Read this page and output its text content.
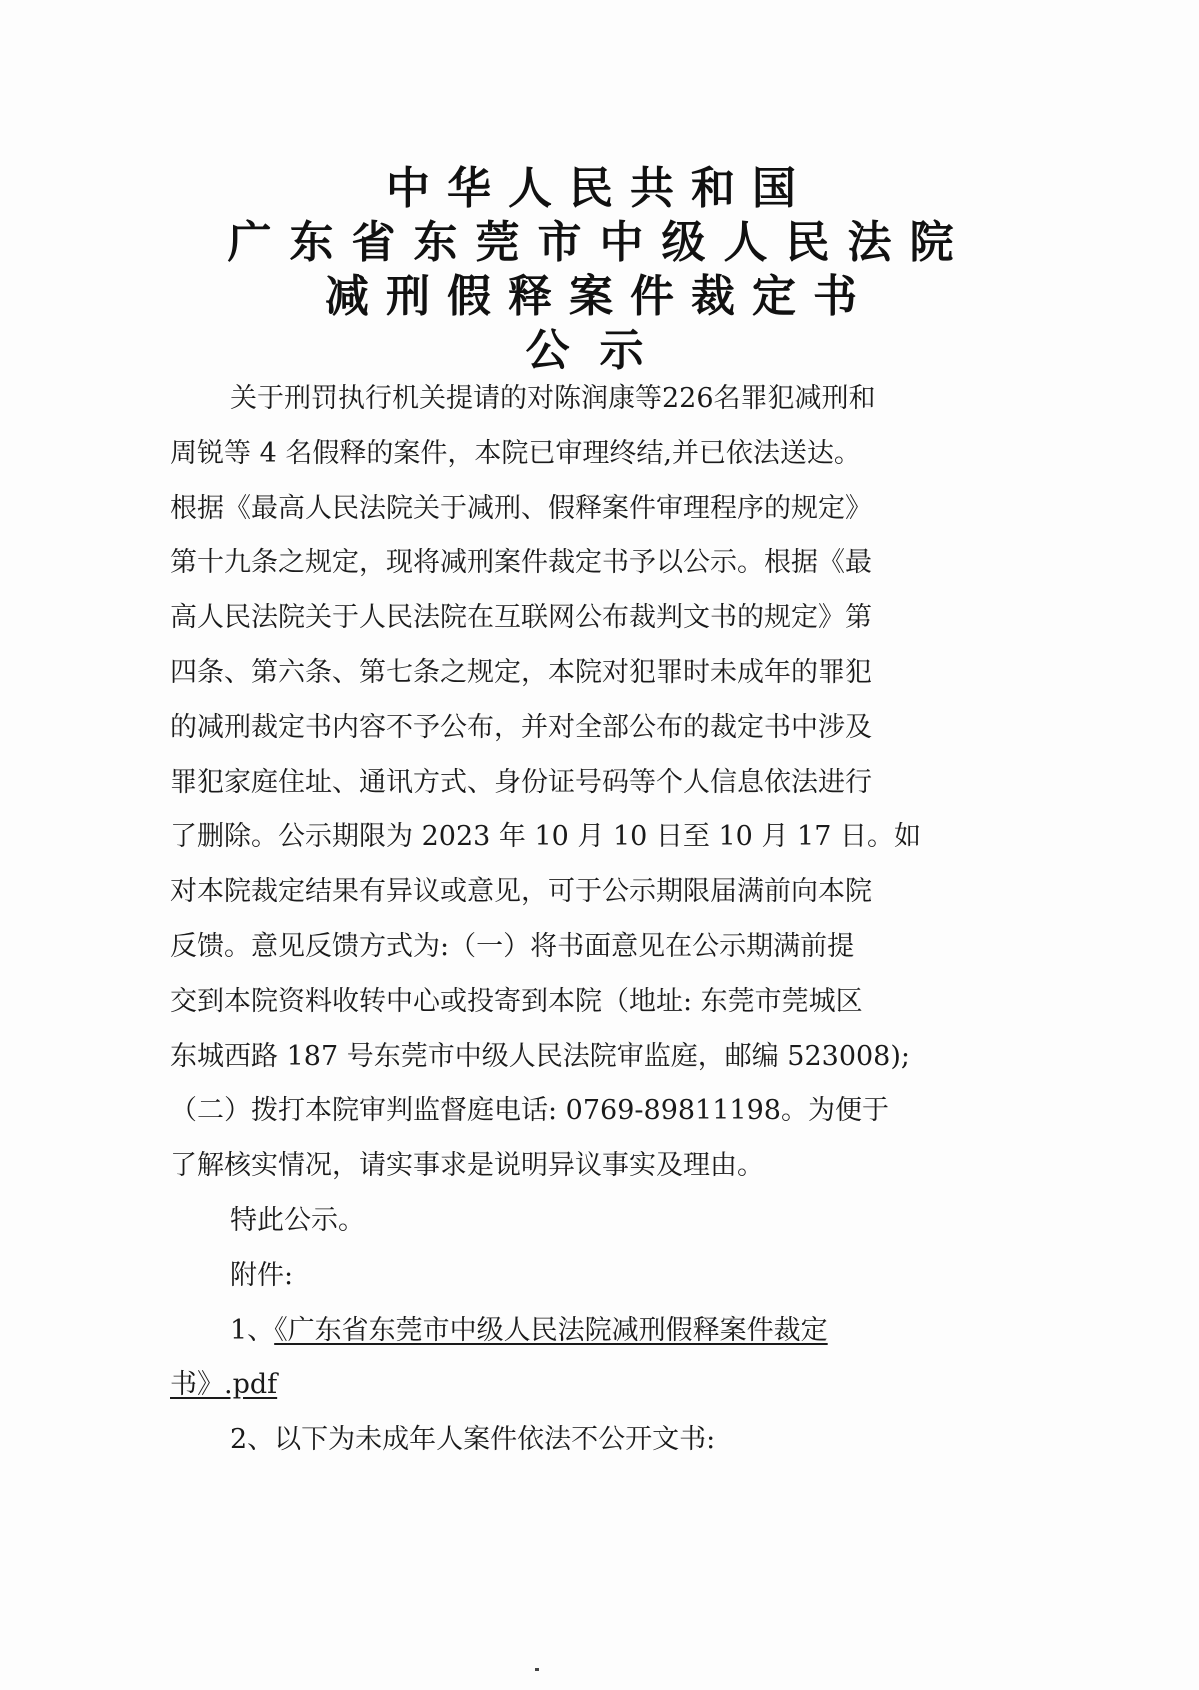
中华人民共和国
广东省东莞市中级人民法院
减刑假释案件裁定书
公示
关于刑罚执行机关提请的对陈润康等226名罪犯减刑和
周锐等 4 名假释的案件，本院已审理终结,并已依法送达。
根据《最高人民法院关于减刑、假释案件审理程序的规定》
第十九条之规定，现将减刑案件裁定书予以公示。根据《最
高人民法院关于人民法院在互联网公布裁判文书的规定》第
四条、第六条、第七条之规定，本院对犯罪时未成年的罪犯
的减刑裁定书内容不予公布，并对全部公布的裁定书中涉及
罪犯家庭住址、通讯方式、身份证号码等个人信息依法进行
了删除。公示期限为 2023 年 10 月 10 日至 10 月 17 日。如
对本院裁定结果有异议或意见，可于公示期限届满前向本院
反馈。意见反馈方式为:（一）将书面意见在公示期满前提
交到本院资料收转中心或投寄到本院（地址: 东莞市莞城区
东城西路 187 号东莞市中级人民法院审监庭，邮编 523008);
（二）拨打本院审判监督庭电话: 0769-89811198。为便于
了解核实情况，请实事求是说明异议事实及理由。
特此公示。
附件:
1、《广东省东莞市中级人民法院减刑假释案件裁定
书》.pdf
2、以下为未成年人案件依法不公开文书:
